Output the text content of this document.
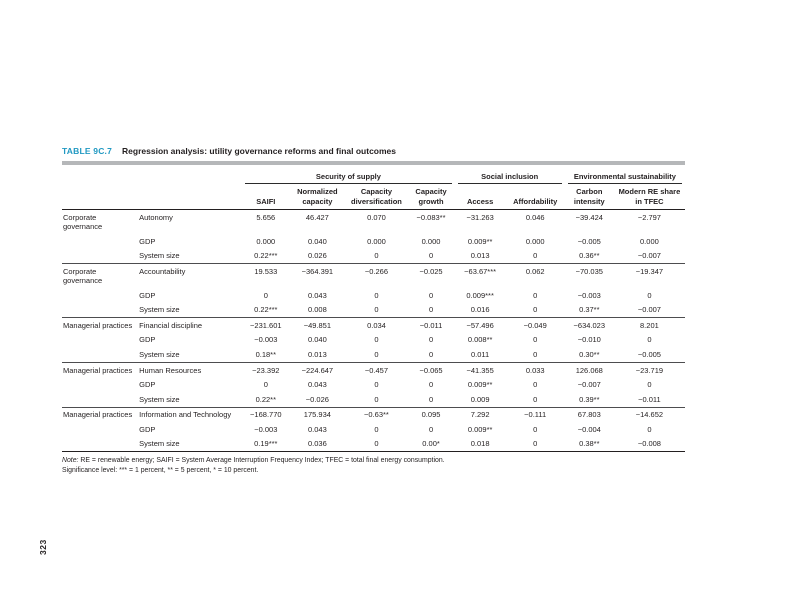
323
TABLE 9C.7 Regression analysis: utility governance reforms and final outcomes

		Security of supply				Social inclusion		Environmental sustainability	

		SAIFI	Normalized capacity	Capacity diversification	Capacity growth	Access	Affordability	Carbon intensity	Modern RE share in TFEC
Corporate governance	Autonomy	5.656	46.427	0.070	−0.083**	−31.263	0.046	−39.424	−2.797
	GDP	0.000	0.040	0.000	0.000	0.009**	0.000	−0.005	0.000
	System size	0.22***	0.026	0	0	0.013	0	0.36**	−0.007
Corporate governance	Accountability	19.533	−364.391	−0.266	−0.025	−63.67***	0.062	−70.035	−19.347
	GDP	0	0.043	0	0	0.009***	0	−0.003	0
	System size	0.22***	0.008	0	0	0.016	0	0.37**	−0.007
Managerial practices	Financial discipline	−231.601	−49.851	0.034	−0.011	−57.496	−0.049	−634.023	8.201
	GDP	−0.003	0.040	0	0	0.008**	0	−0.010	0
	System size	0.18**	0.013	0	0	0.011	0	0.30**	−0.005
Managerial practices	Human Resources	−23.392	−224.647	−0.457	−0.065	−41.355	0.033	126.068	−23.719
	GDP	0	0.043	0	0	0.009**	0	−0.007	0
	System size	0.22**	−0.026	0	0	0.009	0	0.39**	−0.011
Managerial practices	Information and Technology	−168.770	175.934	−0.63**	0.095	7.292	−0.111	67.803	−14.652
	GDP	−0.003	0.043	0	0	0.009**	0	−0.004	0
	System size	0.19***	0.036	0	0.00*	0.018	0	0.38**	−0.008
Note: RE = renewable energy; SAIFI = System Average Interruption Frequency Index; TFEC = total final energy consumption.
Significance level: *** = 1 percent, ** = 5 percent, * = 10 percent.
